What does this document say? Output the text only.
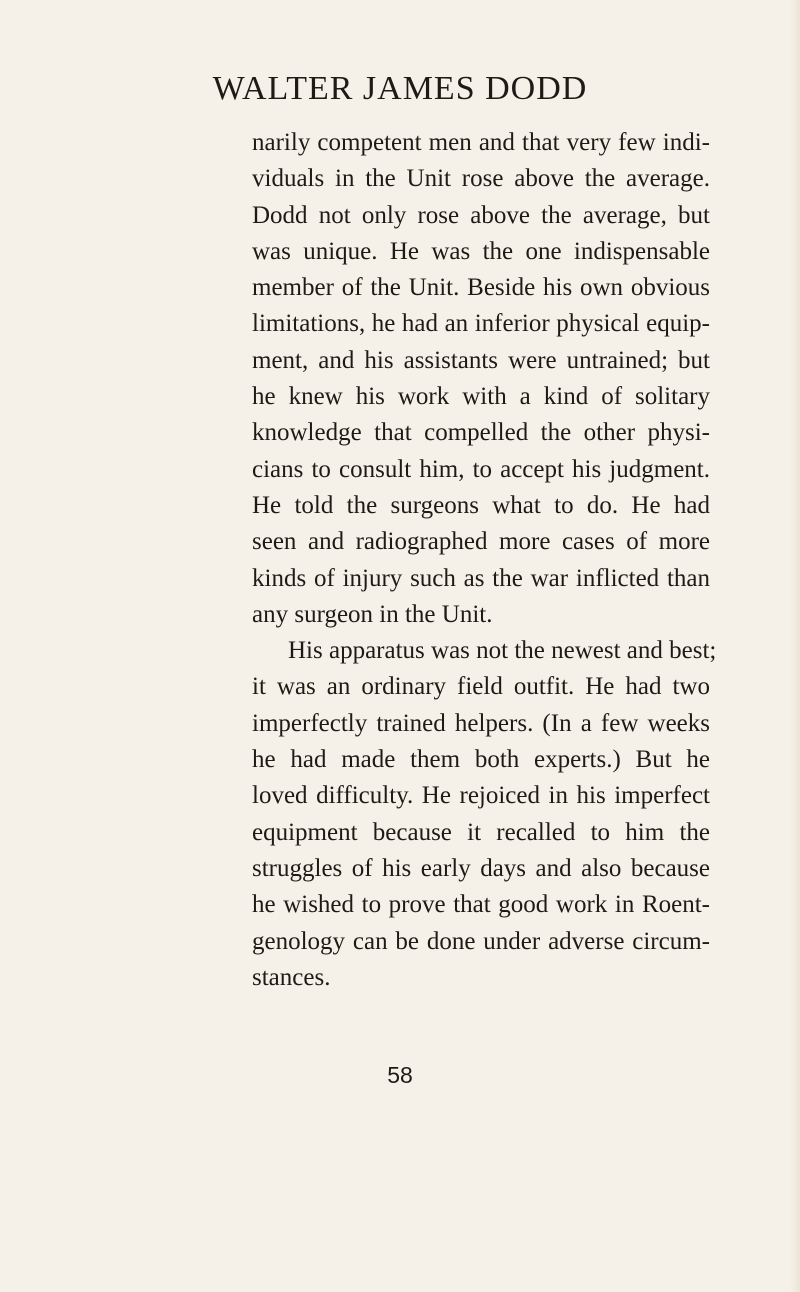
WALTER JAMES DODD
narily competent men and that very few indi-
viduals in the Unit rose above the average.
Dodd not only rose above the average, but
was unique. He was the one indispensable
member of the Unit. Beside his own obvious
limitations, he had an inferior physical equip-
ment, and his assistants were untrained; but
he knew his work with a kind of solitary
knowledge that compelled the other physi-
cians to consult him, to accept his judgment.
He told the surgeons what to do. He had
seen and radiographed more cases of more
kinds of injury such as the war inflicted than
any surgeon in the Unit.
His apparatus was not the newest and best;
it was an ordinary field outfit. He had two
imperfectly trained helpers. (In a few weeks
he had made them both experts.) But he
loved difficulty. He rejoiced in his imperfect
equipment because it recalled to him the
struggles of his early days and also because
he wished to prove that good work in Roent-
genology can be done under adverse circum-
stances.
58
